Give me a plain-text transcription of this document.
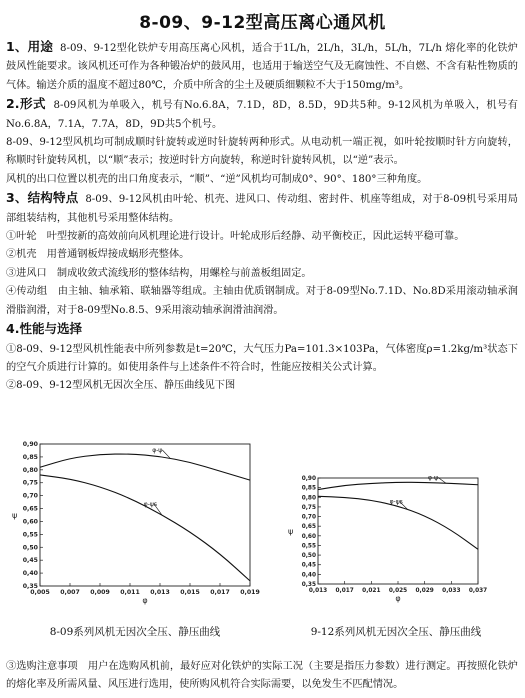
8-09、9-12型高压离心通风机

1、用途 8-09、9-12型化铁炉专用高压离心风机，适合于1L/h，2L/h，3L/h，5L/h，7L/h 熔化率的化铁炉鼓风性能要求。该风机还可作为各种锻冶炉的鼓风用，也适用于输送空气及无腐蚀性、不自燃、不含有粘性物质的气体。输送介质的温度不超过80℃，介质中所含的尘土及硬质细颗粒不大于150mg/m³。

2.形式 8-09风机为单吸入，机号有No.6.8A，7.1D，8D，8.5D，9D共5种。9-12风机为单吸入，机号有No.6.8A，7.1A，7.7A，8D，9D共5个机号。

8-09、9-12型风机均可制成顺时针旋转或逆时针旋转两种形式。从电动机一端正视，如叶轮按顺时针方向旋转，称顺时针旋转风机，以“顺”表示；按逆时针方向旋转，称逆时针旋转风机，以“逆”表示。

风机的出口位置以机壳的出口角度表示，“顺”、“逆”风机均可制成0°、90°、180°三种角度。

3、结构特点 8-09、9-12风机由叶轮、机壳、进风口、传动组、密封件、机座等组成，对于8-09机号采用局部组装结构，其他机号采用整体结构。

①叶轮　叶型按新的高效前向风机理论进行设计。叶轮成形后经静、动平衡校正，因此运转平稳可靠。

②机壳　用普通钢板焊接成蜗形壳整体。

③进风口　制成收敛式流线形的整体结构，用螺栓与前盖板组固定。

④传动组　由主轴、轴承箱、联轴器等组成。主轴由优质钢制成。对于8-09型No.7.1D、No.8D采用滚动轴承润滑脂润滑，对于8-09型No.8.5、9采用滚动轴承润滑油润滑。

4.性能与选择

①8-09、9-12型风机性能表中所列参数是t=20℃，大气压力Pa=101.3×103Pa，气体密度ρ=1.2kg/m³状态下的空气介质进行计算的。如使用条件与上述条件不符合时，性能应按相关公式计算。

②8-09、9-12型风机无因次全压、静压曲线见下图

0,90
0,85
0,80
0,75
0,70
0,65
0,60
0,55
0,50
0,45
0,40
0,35
0,005 0,007 0,009 0,011 0,013 0,015 0,017 0,019
φ
ψ
φ-ψ
φ-ψs
0,90
0,85
0,80
0,75
0,70
0,65
0,60
0,55
0,50
0,45
0,40
0,35
0,013 0,017 0,021 0,025 0,029 0,033 0,037
φ
ψ
φ-ψ
φ-ψs
8-09系列风机无因次全压、静压曲线	9-12系列风机无因次全压、静压曲线
③选购注意事项　用户在选购风机前，最好应对化铁炉的实际工况（主要是指压力参数）进行测定。再按照化铁炉的熔化率及所需风量、风压进行选用，使所购风机符合实际需要，以免发生不匹配情况。
